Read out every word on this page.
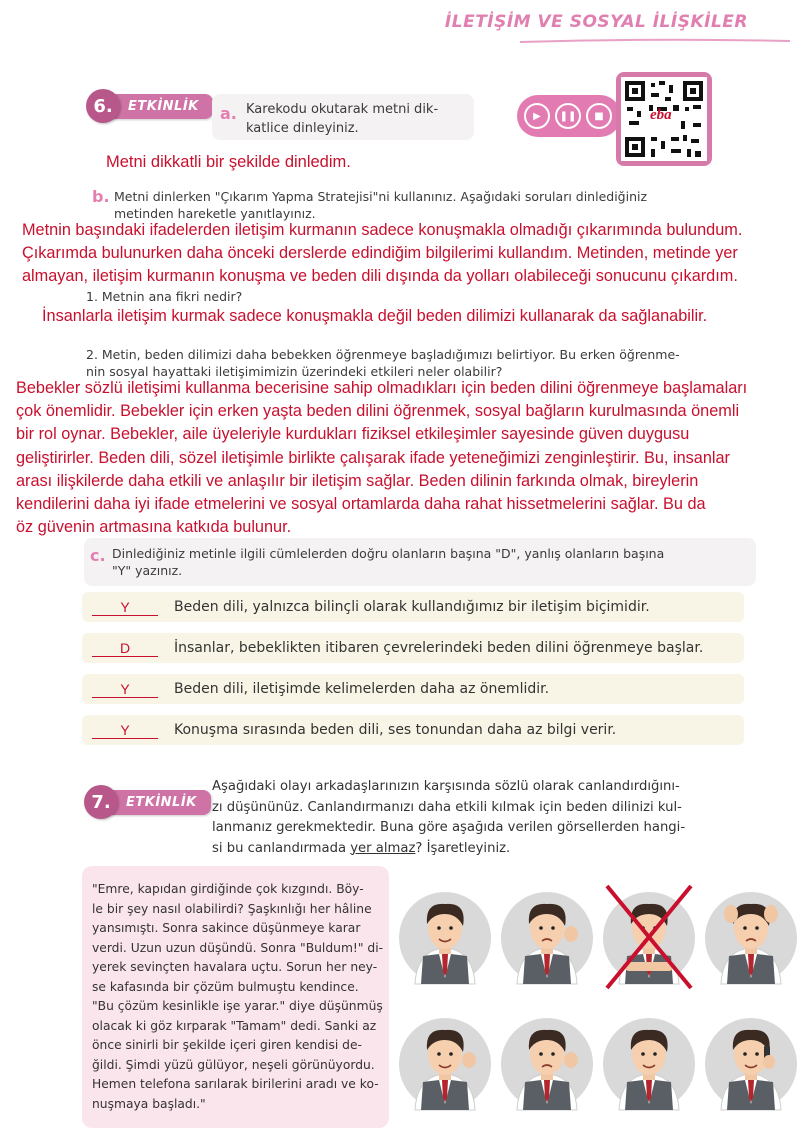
İLETİŞİM VE SOSYAL İLİŞKİLER
6.	ETKİNLİK	a. Karekodu okutarak metni dik-
katlice dinleyiniz.
▶	❚❚	■	eba
Metni dikkatli bir şekilde dinledim.
b. Metni dinlerken "Çıkarım Yapma Stratejisi"ni kullanınız. Aşağıdaki soruları dinlediğiniz
metinden hareketle yanıtlayınız.
Metnin başındaki ifadelerden iletişim kurmanın sadece konuşmakla olmadığı çıkarımında bulundum.
Çıkarımda bulunurken daha önceki derslerde edindiğim bilgilerimi kullandım. Metinden, metinde yer
almayan, iletişim kurmanın konuşma ve beden dili dışında da yolları olabileceği sonucunu çıkardım.
1. Metnin ana fikri nedir?
İnsanlarla iletişim kurmak sadece konuşmakla değil beden dilimizi kullanarak da sağlanabilir.
2. Metin, beden dilimizi daha bebekken öğrenmeye başladığımızı belirtiyor. Bu erken öğrenme-
nin sosyal hayattaki iletişimimizin üzerindeki etkileri neler olabilir?
Bebekler sözlü iletişimi kullanma becerisine sahip olmadıkları için beden dilini öğrenmeye başlamaları
çok önemlidir. Bebekler için erken yaşta beden dilini öğrenmek, sosyal bağların kurulmasında önemli
bir rol oynar. Bebekler, aile üyeleriyle kurdukları fiziksel etkileşimler sayesinde güven duygusu
geliştirirler. Beden dili, sözel iletişimle birlikte çalışarak ifade yeteneğimizi zenginleştirir. Bu, insanlar
arası ilişkilerde daha etkili ve anlaşılır bir iletişim sağlar. Beden dilinin farkında olmak, bireylerin
kendilerini daha iyi ifade etmelerini ve sosyal ortamlarda daha rahat hissetmelerini sağlar. Bu da
öz güvenin artmasına katkıda bulunur.
c. Dinlediğiniz metinle ilgili cümlelerden doğru olanların başına "D", yanlış olanların başına
"Y" yazınız.
Y	Beden dili, yalnızca bilinçli olarak kullandığımız bir iletişim biçimidir.
D	İnsanlar, bebeklikten itibaren çevrelerindeki beden dilini öğrenmeye başlar.
Y	Beden dili, iletişimde kelimelerden daha az önemlidir.
Y	Konuşma sırasında beden dili, ses tonundan daha az bilgi verir.
7.	ETKİNLİK
Aşağıdaki olayı arkadaşlarınızın karşısında sözlü olarak canlandırdığını-
zı düşününüz. Canlandırmanızı daha etkili kılmak için beden dilinizi kul-
lanmanız gerekmektedir. Buna göre aşağıda verilen görsellerden hangi-
si bu canlandırmada yer almaz? İşaretleyiniz.
"Emre, kapıdan girdiğinde çok kızgındı. Böy-
le bir şey nasıl olabilirdi? Şaşkınlığı her hâline
yansımıştı. Sonra sakince düşünmeye karar
verdi. Uzun uzun düşündü. Sonra "Buldum!" di-
yerek sevinçten havalara uçtu. Sorun her ney-
se kafasında bir çözüm bulmuştu kendince.
"Bu çözüm kesinlikle işe yarar." diye düşünmüş
olacak ki göz kırparak "Tamam" dedi. Sanki az
önce sinirli bir şekilde içeri giren kendisi de-
ğildi. Şimdi yüzü gülüyor, neşeli görünüyordu.
Hemen telefona sarılarak birilerini aradı ve ko-
nuşmaya başladı."
